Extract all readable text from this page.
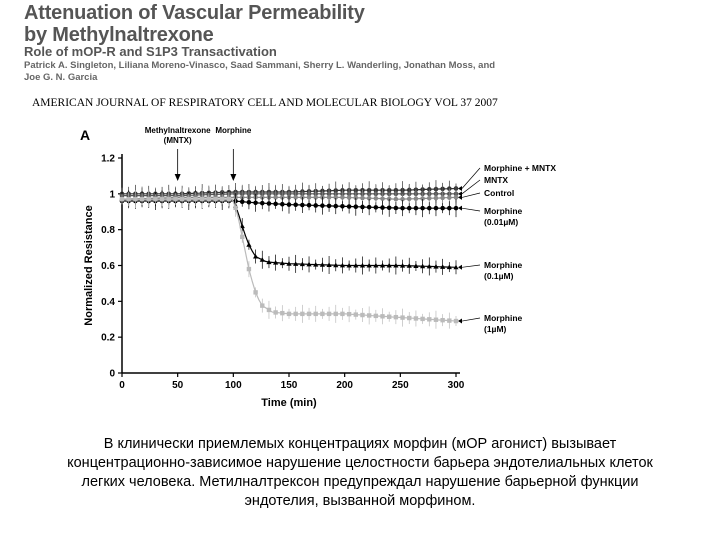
Attenuation of Vascular Permeability
by Methylnaltrexone
Role of mOP-R and S1P3 Transactivation
Patrick A. Singleton, Liliana Moreno-Vinasco, Saad Sammani, Sherry L. Wanderling, Jonathan Moss, and
Joe G. N. Garcia
AMERICAN JOURNAL OF RESPIRATORY CELL AND MOLECULAR BIOLOGY VOL 37 2007
0
0.2
0.4
0.6
0.8
1
1.2
0	50	100	150	200	250	300
Time (min)
Normalized Resistance
A	Methylnaltrexone
(MNTX)
Morphine
Morphine + MNTX
MNTX
Control
Morphine
(0.01µM)
Morphine
(0.1µM)
Morphine
(1µM)
В клинически приемлемых концентрациях морфин (мОР агонист) вызывает
концентрационно-зависимое нарушение целостности барьера эндотелиальных клеток
легких человека. Метилналтрексон предупреждал нарушение барьерной функции
эндотелия, вызванной морфином.
